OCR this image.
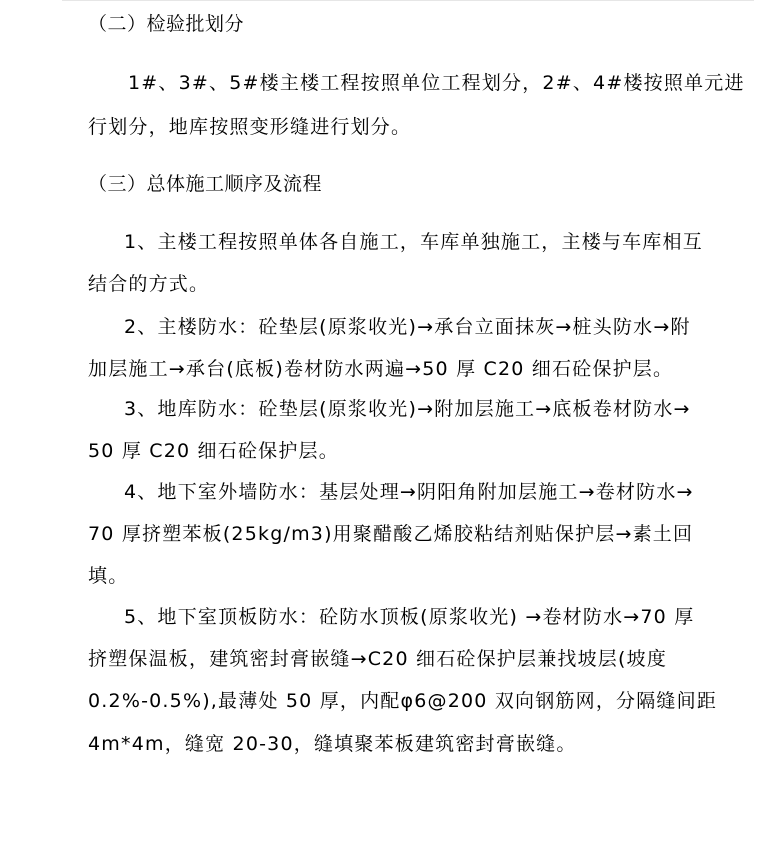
（二）检验批划分
1#、3#、5#楼主楼工程按照单位工程划分，2#、4#楼按照单元进
行划分，地库按照变形缝进行划分。
（三）总体施工顺序及流程
1、主楼工程按照单体各自施工，车库单独施工，主楼与车库相互
结合的方式。
2、主楼防水：砼垫层(原浆收光)→承台立面抹灰→桩头防水→附
加层施工→承台(底板)卷材防水两遍→50 厚 C20 细石砼保护层。
3、地库防水：砼垫层(原浆收光)→附加层施工→底板卷材防水→
50 厚 C20 细石砼保护层。
4、地下室外墙防水：基层处理→阴阳角附加层施工→卷材防水→
70 厚挤塑苯板(25kg/m3)用聚醋酸乙烯胶粘结剂贴保护层→素土回
填。
5、地下室顶板防水：砼防水顶板(原浆收光) →卷材防水→70 厚
挤塑保温板，建筑密封膏嵌缝→C20 细石砼保护层兼找坡层(坡度
0.2%-0.5%),最薄处 50 厚，内配φ6@200 双向钢筋网，分隔缝间距
4m*4m，缝宽 20-30，缝填聚苯板建筑密封膏嵌缝。
